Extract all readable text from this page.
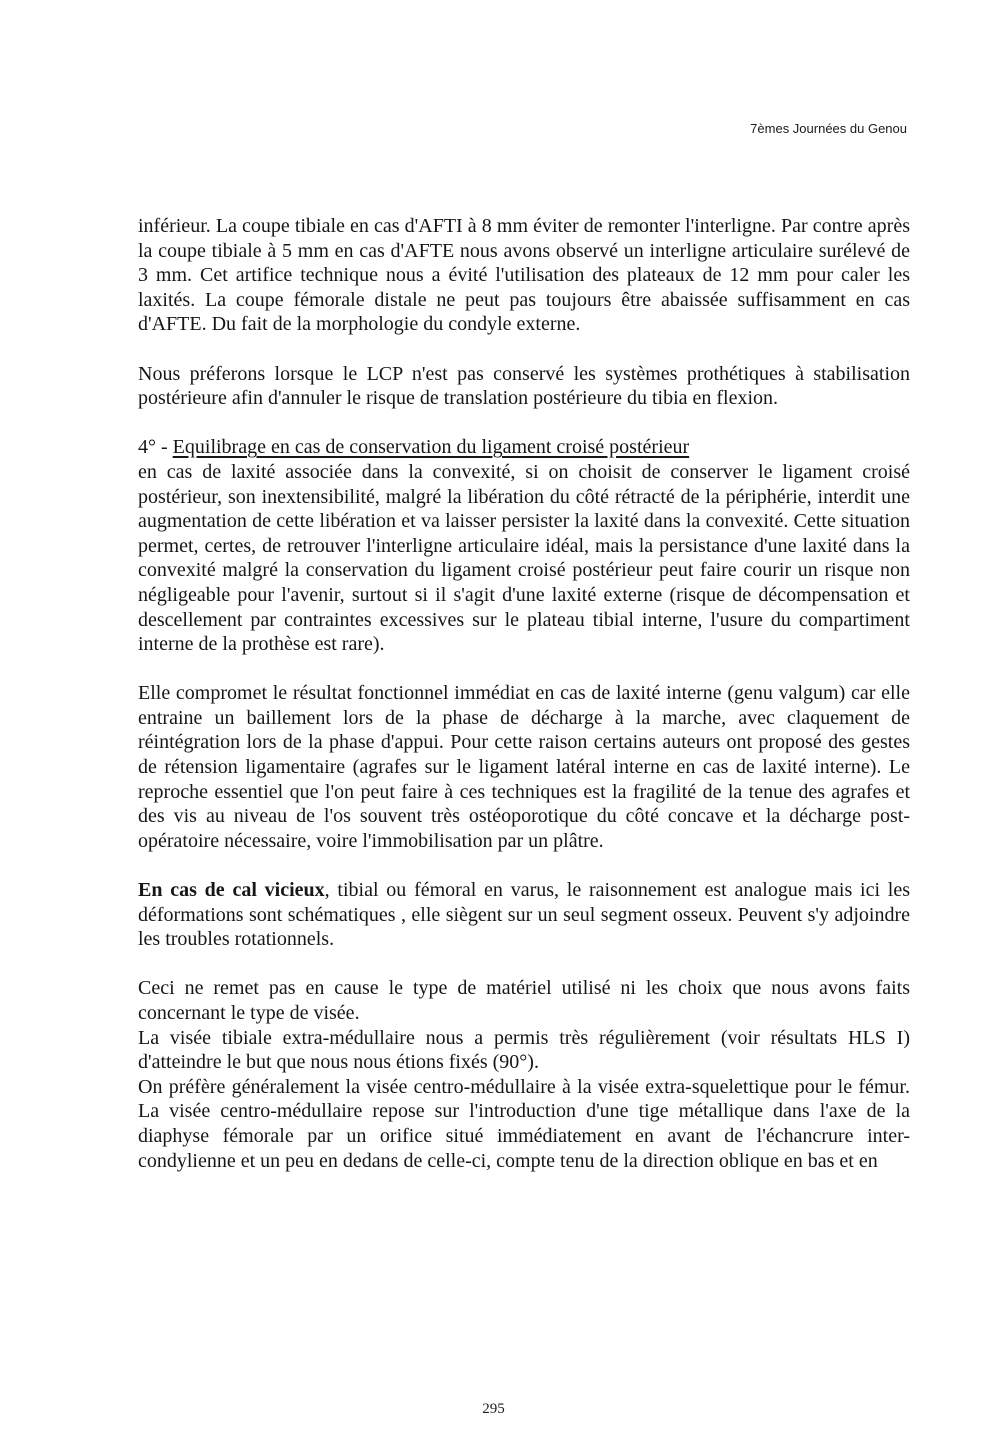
7èmes Journées du Genou

inférieur. La coupe tibiale en cas d'AFTI à 8 mm éviter de remonter l'interligne. Par contre après la coupe tibiale à 5 mm en cas d'AFTE nous avons observé un interligne articulaire surélevé de 3 mm. Cet artifice technique nous a évité l'utilisation des plateaux de 12 mm pour caler les laxités. La coupe fémorale distale ne peut pas toujours être abaissée suffisamment en cas d'AFTE. Du fait de la morphologie du condyle externe.

Nous préferons lorsque le LCP n'est pas conservé les systèmes prothétiques à stabilisation postérieure afin d'annuler le risque de translation postérieure du tibia en flexion.

4° - Equilibrage en cas de conservation du ligament croisé postérieur

en cas de laxité associée dans la convexité, si on choisit de conserver le ligament croisé postérieur, son inextensibilité, malgré la libération du côté rétracté de la périphérie, interdit une augmentation de cette libération et va laisser persister la laxité dans la convexité. Cette situation permet, certes, de retrouver l'interligne articulaire idéal, mais la persistance d'une laxité dans la convexité malgré la conservation du ligament croisé postérieur peut faire courir un risque non négligeable pour l'avenir, surtout si il s'agit d'une laxité externe (risque de décompensation et descellement par contraintes excessives sur le plateau tibial interne, l'usure du compartiment interne de la prothèse est rare).

Elle compromet le résultat fonctionnel immédiat en cas de laxité interne (genu valgum) car elle entraine un baillement lors de la phase de décharge à la marche, avec claquement de réintégration lors de la phase d'appui. Pour cette raison certains auteurs ont proposé des gestes de rétension ligamentaire (agrafes sur le ligament latéral interne en cas de laxité interne). Le reproche essentiel que l'on peut faire à ces techniques est la fragilité de la tenue des agrafes et des vis au niveau de l'os souvent très ostéoporotique du côté concave et la décharge post-opératoire nécessaire, voire l'immobilisation par un plâtre.

En cas de cal vicieux, tibial ou fémoral en varus, le raisonnement est analogue mais ici les déformations sont schématiques , elle siègent sur un seul segment osseux. Peuvent s'y adjoindre les troubles rotationnels.

Ceci ne remet pas en cause le type de matériel utilisé ni les choix que nous avons faits concernant le type de visée.

La visée tibiale extra-médullaire nous a permis très régulièrement (voir résultats HLS I) d'atteindre le but que nous nous étions fixés (90°).

On préfère généralement la visée centro-médullaire à la visée extra-squelettique pour le fémur. La visée centro-médullaire repose sur l'introduction d'une tige métallique dans l'axe de la diaphyse fémorale par un orifice situé immédiatement en avant de l'échancrure inter-condylienne et un peu en dedans de celle-ci, compte tenu de la direction oblique en bas et en

295
